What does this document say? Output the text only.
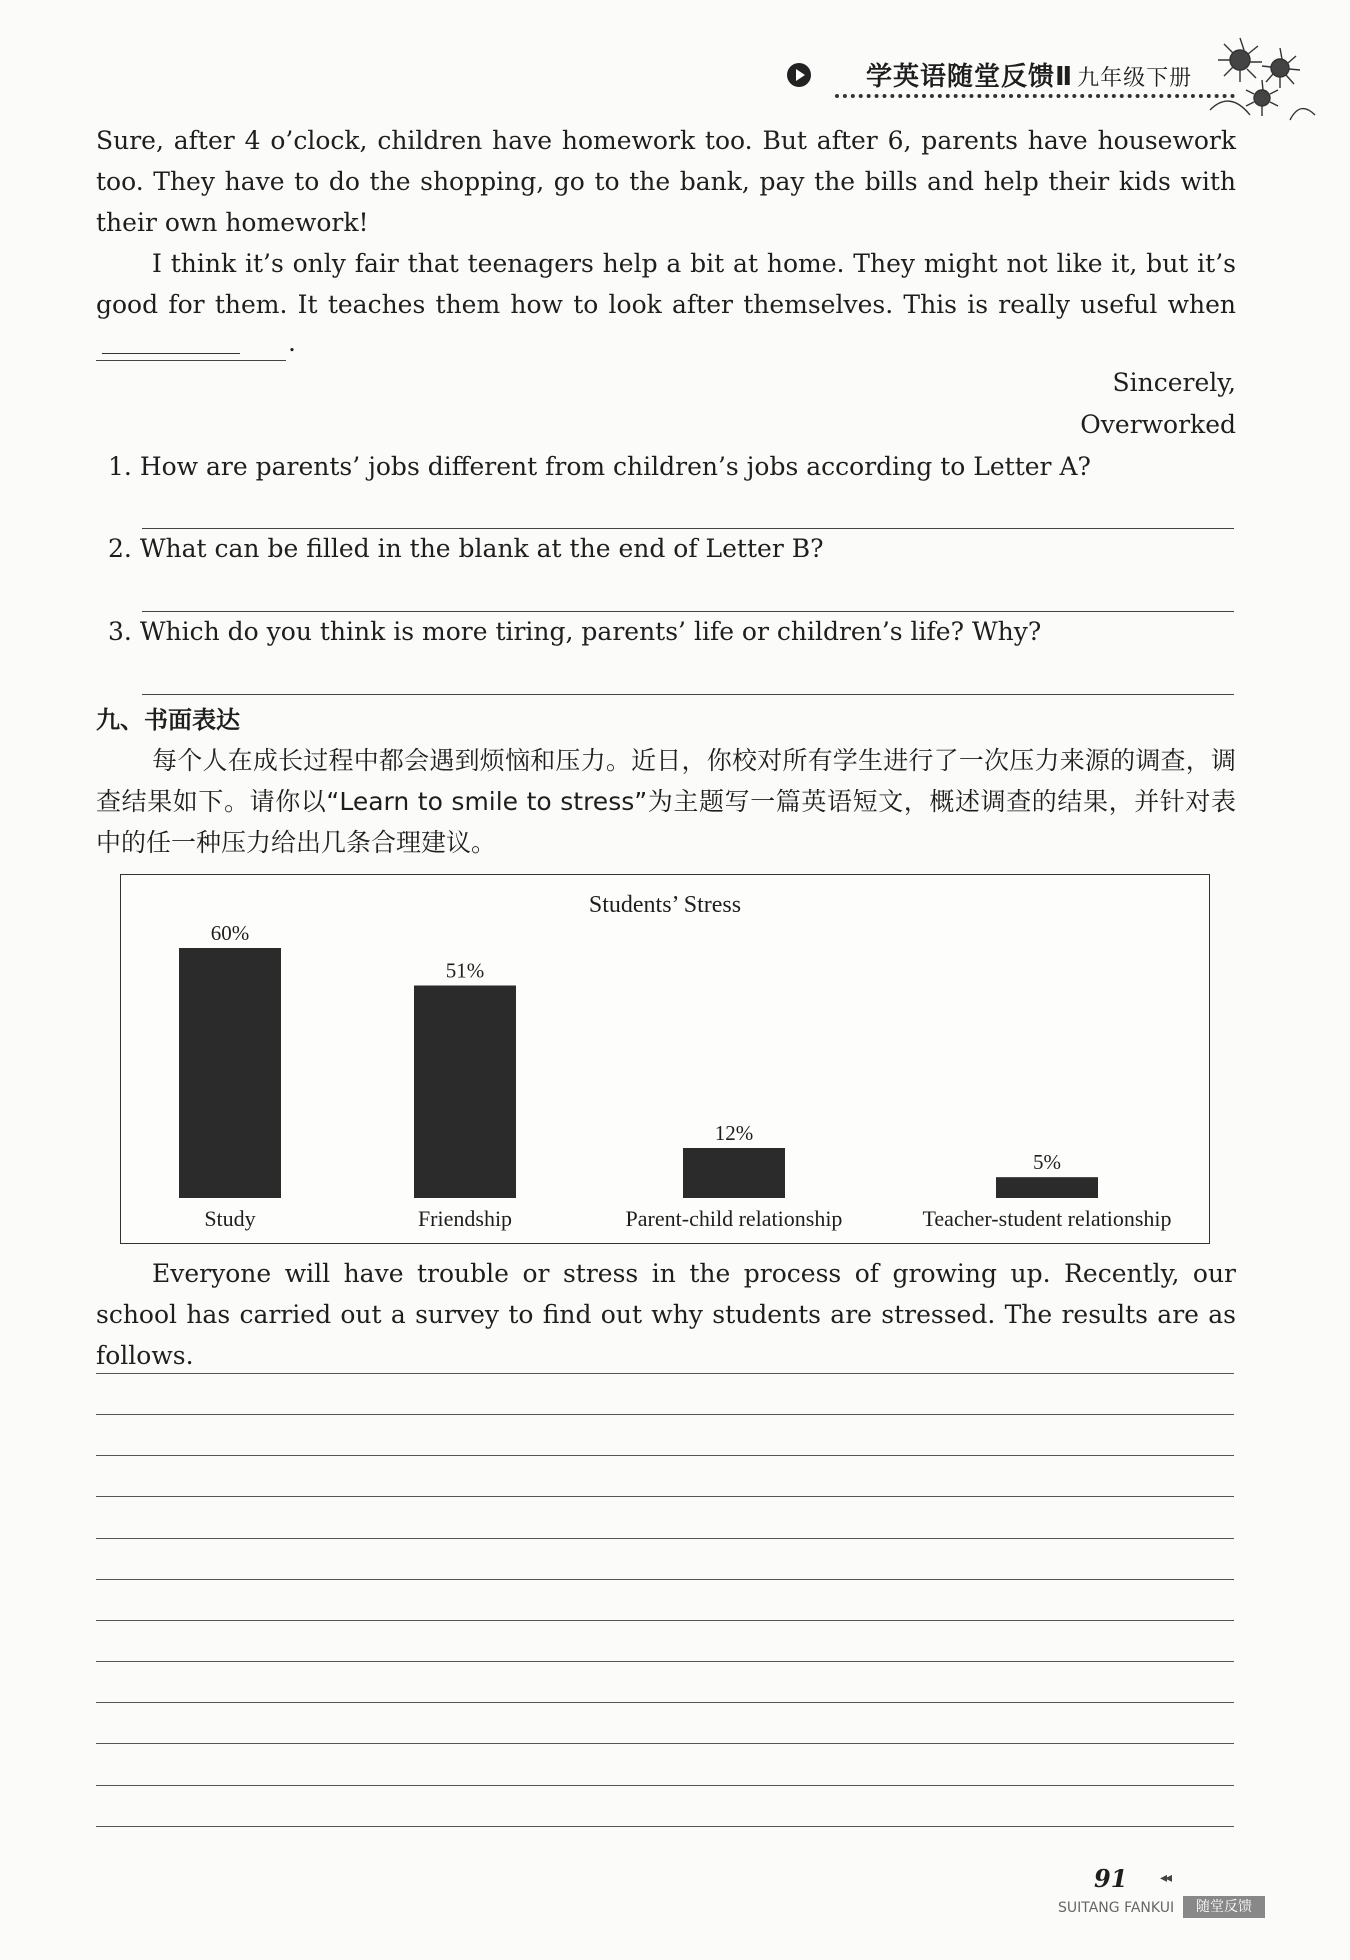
学英语随堂反馈Ⅱ 九年级下册
Sure, after 4 o’clock, children have homework too. But after 6, parents have housework too. They have to do the shopping, go to the bank, pay the bills and help their kids with their own homework!
I think it’s only fair that teenagers help a bit at home. They might not like it, but it’s good for them. It teaches them how to look after themselves. This is really useful when
.
Sincerely,
Overworked
1. How are parents’ jobs different from children’s jobs according to Letter A?
2. What can be filled in the blank at the end of Letter B?
3. Which do you think is more tiring, parents’ life or children’s life? Why?
九、书面表达
每个人在成长过程中都会遇到烦恼和压力。近日，你校对所有学生进行了一次压力来源的调查，调查结果如下。请你以“Learn to smile to stress”为主题写一篇英语短文，概述调查的结果，并针对表中的任一种压力给出几条合理建议。
Students’ Stress
60%
Study
51%
Friendship
12%
Parent-child relationship
5%
Teacher-student relationship
Everyone will have trouble or stress in the process of growing up. Recently, our school has carried out a survey to find out why students are stressed. The results are as follows.
91 ◂◂
SUITANG FANKUI	随堂反馈
